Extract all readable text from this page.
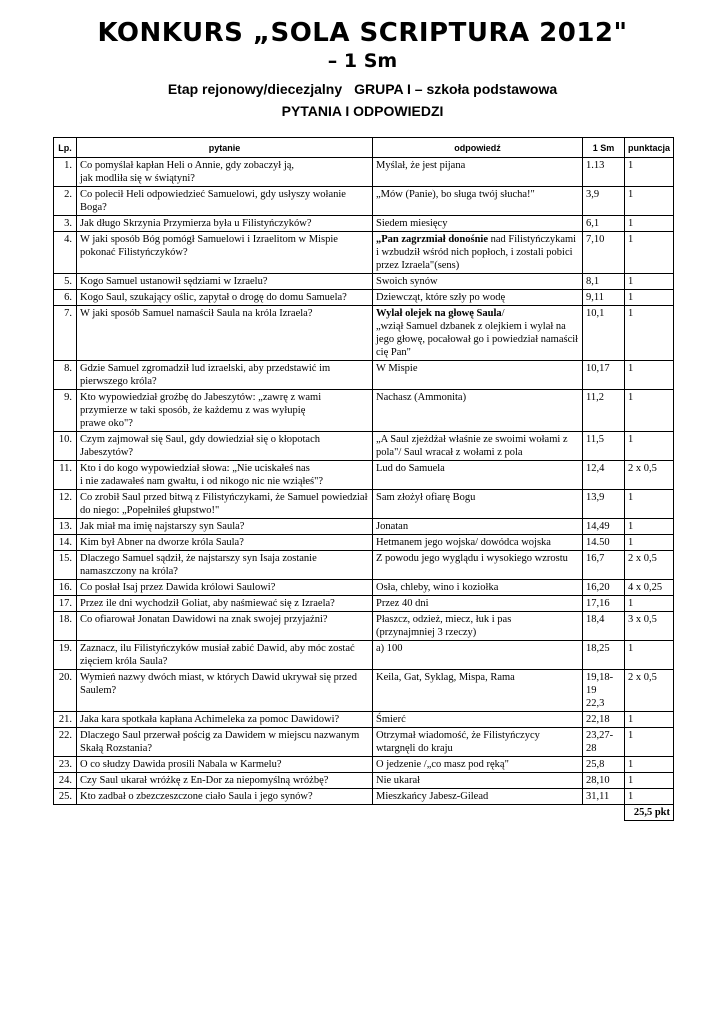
KONKURS „SOLA SCRIPTURA 2012"
– 1 Sm
Etap rejonowy/diecezjalny GRUPA I – szkoła podstawowa
PYTANIA I ODPOWIEDZI
Lp.	pytanie	odpowiedź	1 Sm	punktacja
1.	Co pomyślał kapłan Heli o Annie, gdy zobaczył ją,
jak modliła się w świątyni?	Myślał, że jest pijana	1.13	1
2.	Co polecił Heli odpowiedzieć Samuelowi, gdy usłyszy wołanie Boga?	„Mów (Panie), bo sługa twój słucha!"	3,9	1
3.	Jak długo Skrzynia Przymierza była u Filistyńczyków?	Siedem miesięcy	6,1	1
4.	W jaki sposób Bóg pomógł Samuelowi i Izraelitom w Mispie pokonać Filistyńczyków?	„Pan zagrzmiał donośnie nad Filistyńczykami i wzbudził wśród nich popłoch, i zostali pobici przez Izraela"(sens)	7,10	1
5.	Kogo Samuel ustanowił sędziami w Izraelu?	Swoich synów	8,1	1
6.	Kogo Saul, szukający oślic, zapytał o drogę do domu Samuela?	Dziewcząt, które szły po wodę	9,11	1
7.	W jaki sposób Samuel namaścił Saula na króla Izraela?	Wylał olejek na głowę Saula/
„wziął Samuel dzbanek z olejkiem i wylał na jego głowę, pocałował go i powiedział namaścił cię Pan"	10,1	1
8.	Gdzie Samuel zgromadził lud izraelski, aby przedstawić im pierwszego króla?	W Mispie	10,17	1
9.	Kto wypowiedział groźbę do Jabeszytów: „zawrę z wami przymierze w taki sposób, że każdemu z was wyłupię
prawe oko"?	Nachasz (Ammonita)	11,2	1
10.	Czym zajmował się Saul, gdy dowiedział się o kłopotach Jabeszytów?	„A Saul zjeżdżał właśnie ze swoimi wołami z pola"/ Saul wracał z wołami z pola	11,5	1
11.	Kto i do kogo wypowiedział słowa: „Nie uciskałeś nas
i nie zadawałeś nam gwałtu, i od nikogo nic nie wziąłeś"?	Lud do Samuela	12,4	2 x 0,5
12.	Co zrobił Saul przed bitwą z Filistyńczykami, że Samuel powiedział do niego: „Popełniłeś głupstwo!"	Sam złożył ofiarę Bogu	13,9	1
13.	Jak miał ma imię najstarszy syn Saula?	Jonatan	14,49	1
14.	Kim był Abner na dworze króla Saula?	Hetmanem jego wojska/ dowódca wojska	14.50	1
15.	Dlaczego Samuel sądził, że najstarszy syn Isaja zostanie namaszczony na króla?	Z powodu jego wyglądu i wysokiego wzrostu	16,7	2 x 0,5
16.	Co posłał Isaj przez Dawida królowi Saulowi?	Osła, chleby, wino i koziołka	16,20	4 x 0,25
17.	Przez ile dni wychodził Goliat, aby naśmiewać się z Izraela?	Przez 40 dni	17,16	1
18.	Co ofiarował Jonatan Dawidowi na znak swojej przyjaźni?	Płaszcz, odzież, miecz, łuk i pas
(przynajmniej 3 rzeczy)	18,4	3 x 0,5
19.	Zaznacz, ilu Filistyńczyków musiał zabić Dawid, aby móc zostać zięciem króla Saula?	a) 100	18,25	1
20.	Wymień nazwy dwóch miast, w których Dawid ukrywał się przed Saulem?	Keila, Gat, Syklag, Mispa, Rama	19,18-19
22,3	2 x 0,5
21.	Jaka kara spotkała kapłana Achimeleka za pomoc Dawidowi?	Śmierć	22,18	1
22.	Dlaczego Saul przerwał pościg za Dawidem w miejscu nazwanym Skałą Rozstania?	Otrzymał wiadomość, że Filistyńczycy wtargnęli do kraju	23,27-28	1
23.	O co słudzy Dawida prosili Nabala w Karmelu?	O jedzenie /„co masz pod ręką"	25,8	1
24.	Czy Saul ukarał wróżkę z En-Dor za niepomyślną wróżbę?	Nie ukarał	28,10	1
25.	Kto zadbał o zbezczeszczone ciało Saula i jego synów?	Mieszkańcy Jabesz-Gilead	31,11	1
				25,5 pkt
